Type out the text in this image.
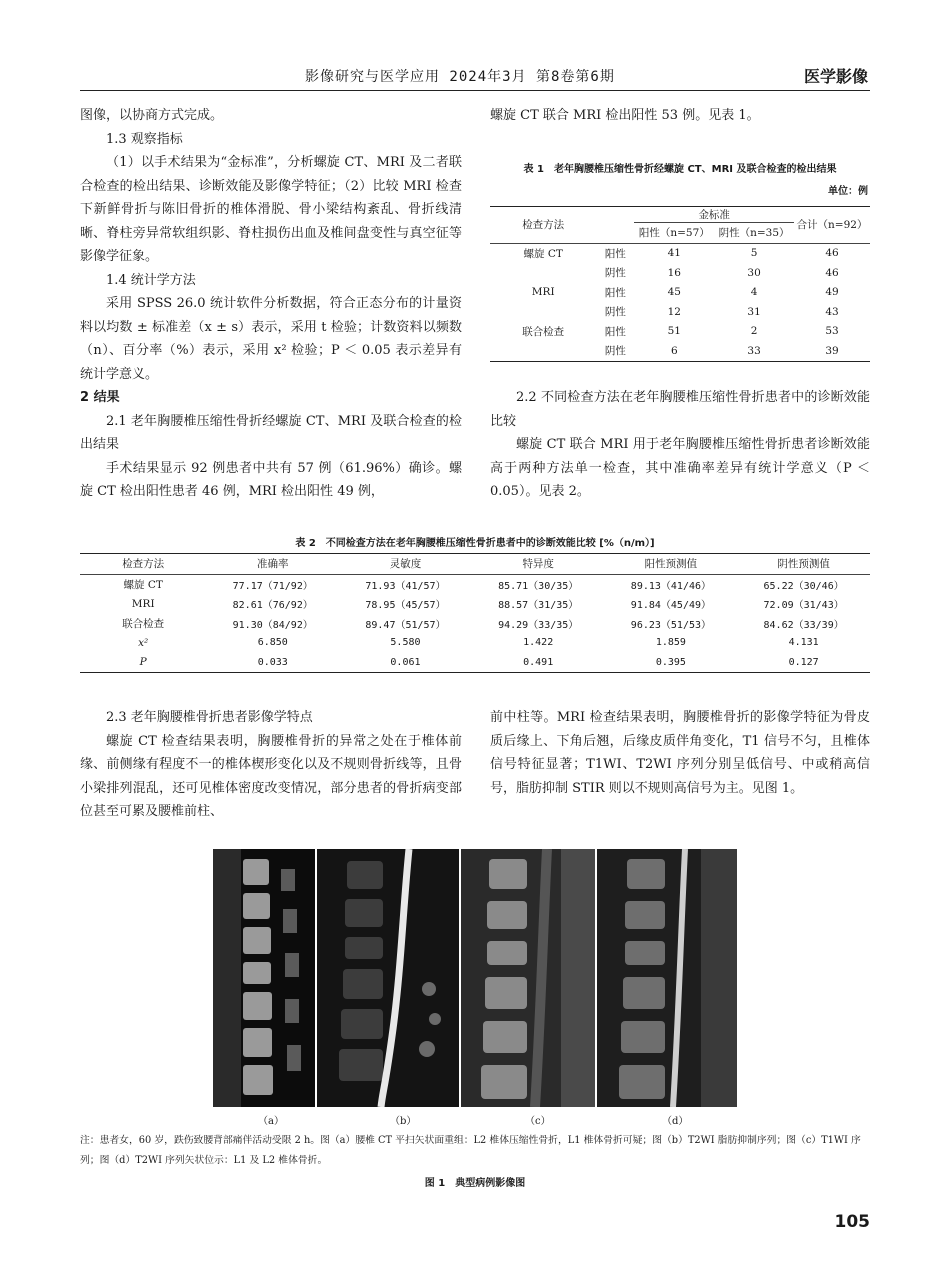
影像研究与医学应用 2024年3月 第8卷第6期	医学影像

图像，以协商方式完成。

1.3 观察指标

（1）以手术结果为“金标准”，分析螺旋 CT、MRI 及二者联合检查的检出结果、诊断效能及影像学特征；（2）比较 MRI 检查下新鲜骨折与陈旧骨折的椎体滑脱、骨小梁结构紊乱、骨折线清晰、脊柱旁异常软组织影、脊柱损伤出血及椎间盘变性与真空征等影像学征象。

1.4 统计学方法

采用 SPSS 26.0 统计软件分析数据，符合正态分布的计量资料以均数 ± 标准差（x ± s）表示，采用 t 检验；计数资料以频数（n）、百分率（%）表示，采用 x² 检验；P ＜ 0.05 表示差异有统计学意义。

2 结果

2.1 老年胸腰椎压缩性骨折经螺旋 CT、MRI 及联合检查的检出结果

手术结果显示 92 例患者中共有 57 例（61.96%）确诊。螺旋 CT 检出阳性患者 46 例，MRI 检出阳性 49 例，

螺旋 CT 联合 MRI 检出阳性 53 例。见表 1。

表 1　老年胸腰椎压缩性骨折经螺旋 CT、MRI 及联合检查的检出结果
单位：例
检查方法		金标准		合计（n=92）
		阳性（n=57）	阴性（n=35）	
螺旋 CT	阳性	41	5	46
	阴性	16	30	46
MRI	阳性	45	4	49
	阴性	12	31	43
联合检查	阳性	51	2	53
	阴性	6	33	39

2.2 不同检查方法在老年胸腰椎压缩性骨折患者中的诊断效能比较

螺旋 CT 联合 MRI 用于老年胸腰椎压缩性骨折患者诊断效能高于两种方法单一检查，其中准确率差异有统计学意义（P ＜ 0.05）。见表 2。

表 2　不同检查方法在老年胸腰椎压缩性骨折患者中的诊断效能比较 [%（n/m）]
检查方法	准确率	灵敏度	特异度	阳性预测值	阴性预测值
螺旋 CT	77.17（71/92）	71.93（41/57）	85.71（30/35）	89.13（41/46）	65.22（30/46）
MRI	82.61（76/92）	78.95（45/57）	88.57（31/35）	91.84（45/49）	72.09（31/43）
联合检查	91.30（84/92）	89.47（51/57）	94.29（33/35）	96.23（51/53）	84.62（33/39）
x²	6.850	5.580	1.422	1.859	4.131
P	0.033	0.061	0.491	0.395	0.127

2.3 老年胸腰椎骨折患者影像学特点

螺旋 CT 检查结果表明，胸腰椎骨折的异常之处在于椎体前缘、前侧缘有程度不一的椎体楔形变化以及不规则骨折线等，且骨小梁排列混乱，还可见椎体密度改变情况，部分患者的骨折病变部位甚至可累及腰椎前柱、

前中柱等。MRI 检查结果表明，胸腰椎骨折的影像学特征为骨皮质后缘上、下角后翘，后缘皮质伴角变化，T1 信号不匀，且椎体信号特征显著；T1WI、T2WI 序列分别呈低信号、中或稍高信号，脂肪抑制 STIR 则以不规则高信号为主。见图 1。

（a）	（b）	（c）	（d）
注：患者女，60 岁，跌伤致腰背部痛伴活动受限 2 h。图（a）腰椎 CT 平扫矢状面重组：L2 椎体压缩性骨折，L1 椎体骨折可疑；图（b）T2WI 脂肪抑制序列；图（c）T1WI 序列；图（d）T2WI 序列矢状位示：L1 及 L2 椎体骨折。
图 1　典型病例影像图
105
